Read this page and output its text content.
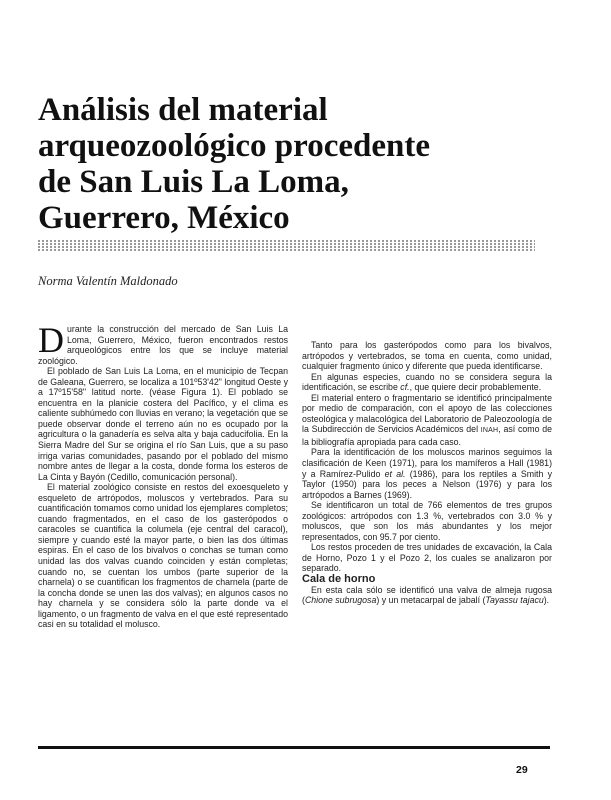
Análisis del material
arqueozoológico procedente
de San Luis La Loma,
Guerrero, México
Norma Valentín Maldonado

Durante la construcción del mercado de San Luis La Loma, Guerrero, México, fueron encontrados restos arqueológicos entre los que se incluye material zoológico.

El poblado de San Luis La Loma, en el municipio de Tecpan de Galeana, Guerrero, se localiza a 101º53'42" longitud Oeste y a 17º15'58" latitud norte. (véase Figura 1). El poblado se encuentra en la planicie costera del Pacífico, y el clima es caliente subhúmedo con lluvias en verano; la vegetación que se puede observar donde el terreno aún no es ocupado por la agricultura o la ganadería es selva alta y baja caducifolia. En la Sierra Madre del Sur se origina el río San Luis, que a su paso irriga varias comunidades, pasando por el poblado del mismo nombre antes de llegar a la costa, donde forma los esteros de La Cinta y Bayón (Cedillo, comunicación personal).

El material zoológico consiste en restos del exoesqueleto y esqueleto de artrópodos, moluscos y vertebrados. Para su cuantificación tomamos como unidad los ejemplares completos; cuando fragmentados, en el caso de los gasterópodos o caracoles se cuantifica la columela (eje central del caracol), siempre y cuando esté la mayor parte, o bien las dos últimas espiras. En el caso de los bivalvos o conchas se tuman como unidad las dos valvas cuando coinciden y están completas; cuando no, se cuentan los umbos (parte superior de la charnela) o se cuantifican los fragmentos de charnela (parte de la concha donde se unen las dos valvas); en algunos casos no hay charnela y se considera sólo la parte donde va el ligamento, o un fragmento de valva en el que esté representado casi en su totalidad el molusco.

Tanto para los gasterópodos como para los bivalvos, artrópodos y vertebrados, se toma en cuenta, como unidad, cualquier fragmento único y diferente que pueda identificarse.

En algunas especies, cuando no se considera segura la identificación, se escribe cf., que quiere decir probablemente.

El material entero o fragmentario se identificó principalmente por medio de comparación, con el apoyo de las colecciones osteológica y malacológica del Laboratorio de Paleozoología de la Subdirección de Servicios Académicos del INAH, así como de la bibliografía apropiada para cada caso.

Para la identificación de los moluscos marinos seguimos la clasificación de Keen (1971), para los mamíferos a Hall (1981) y a Ramírez-Pulido et al. (1986), para los reptiles a Smith y Taylor (1950) para los peces a Nelson (1976) y para los artrópodos a Barnes (1969).

Se identificaron un total de 766 elementos de tres grupos zoológicos: artrópodos con 1.3 %, vertebrados con 3.0 % y moluscos, que son los más abundantes y los mejor representados, con 95.7 por ciento.

Los restos proceden de tres unidades de excavación, la Cala de Horno, Pozo 1 y el Pozo 2, los cuales se analizaron por separado.

Cala de horno

En esta cala sólo se identificó una valva de almeja rugosa (Chione subrugosa) y un metacarpal de jabalí (Tayassu tajacu).

29
